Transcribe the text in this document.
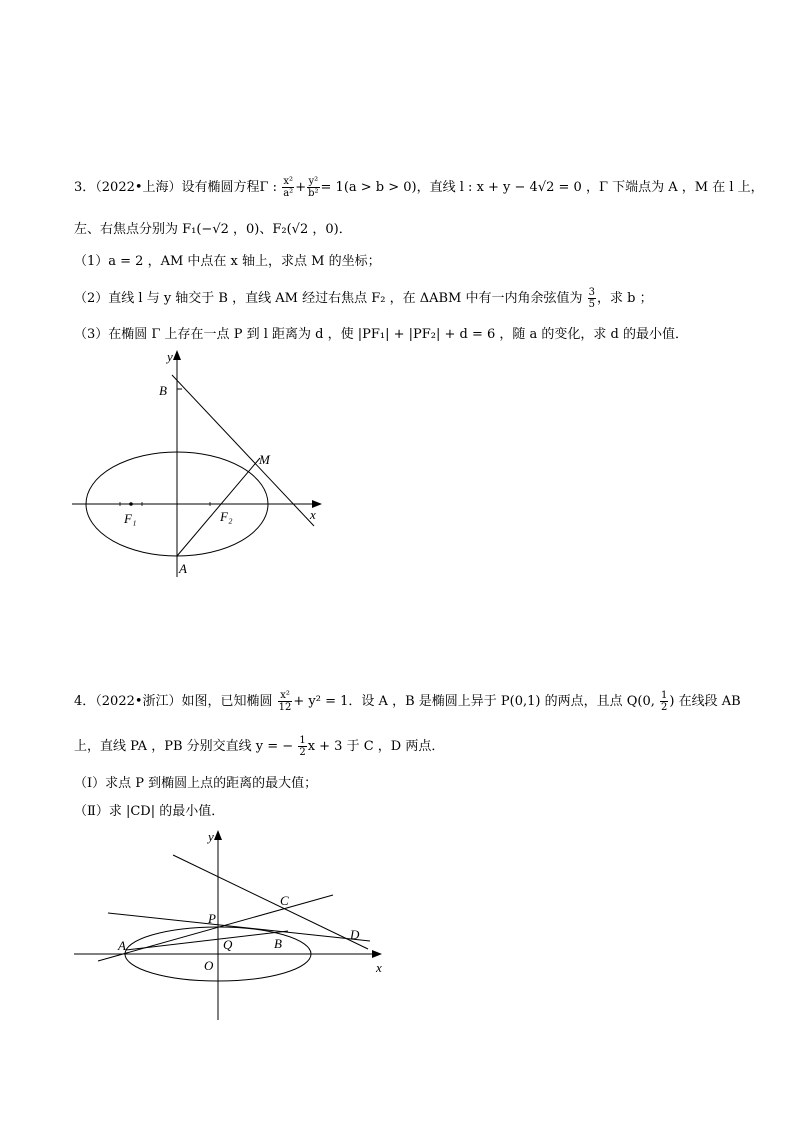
3．（2022•上海）设有椭圆方程Γ : $\frac{\text{x²}}{\text{a²}} + \frac{\text{y²}}{\text{b²}} = 1(a > b > 0)$，直线 l : x + y − 4√2 = 0 ，Γ 下端点为 A ，M 在 l 上，
左、右焦点分别为 F₁(−√2 ，0)、F₂(√2 ，0)．
（1）a = 2 ，AM 中点在 x 轴上，求点 M 的坐标；
（2）直线 l 与 y 轴交于 B ，直线 AM 经过右焦点 F₂ ，在 ΔABM 中有一内角余弦值为 $\frac{3}{5}$ ，求 b ；
（3）在椭圆 Γ 上存在一点 P 到 l 距离为 d ，使 |PF₁| + |PF₂| + d = 6 ，随 a 的变化，求 d 的最小值．
y
x
B
M
F₁	F₂
A
4．（2022•浙江）如图，已知椭圆 $\frac{\text{x²}}{12} + y^2 = 1$．设 A ，B 是椭圆上异于 P(0,1) 的两点，且点 Q(0, $\frac{1}{2}$ ) 在线段 AB
上，直线 PA ，PB 分别交直线 y = − $\frac{1}{2}$ x + 3 于 C ，D 两点．
（Ⅰ）求点 P 到椭圆上点的距离的最大值；
（Ⅱ）求 |CD| 的最小值．
y
x
C
P
D
A	Q	B
O
